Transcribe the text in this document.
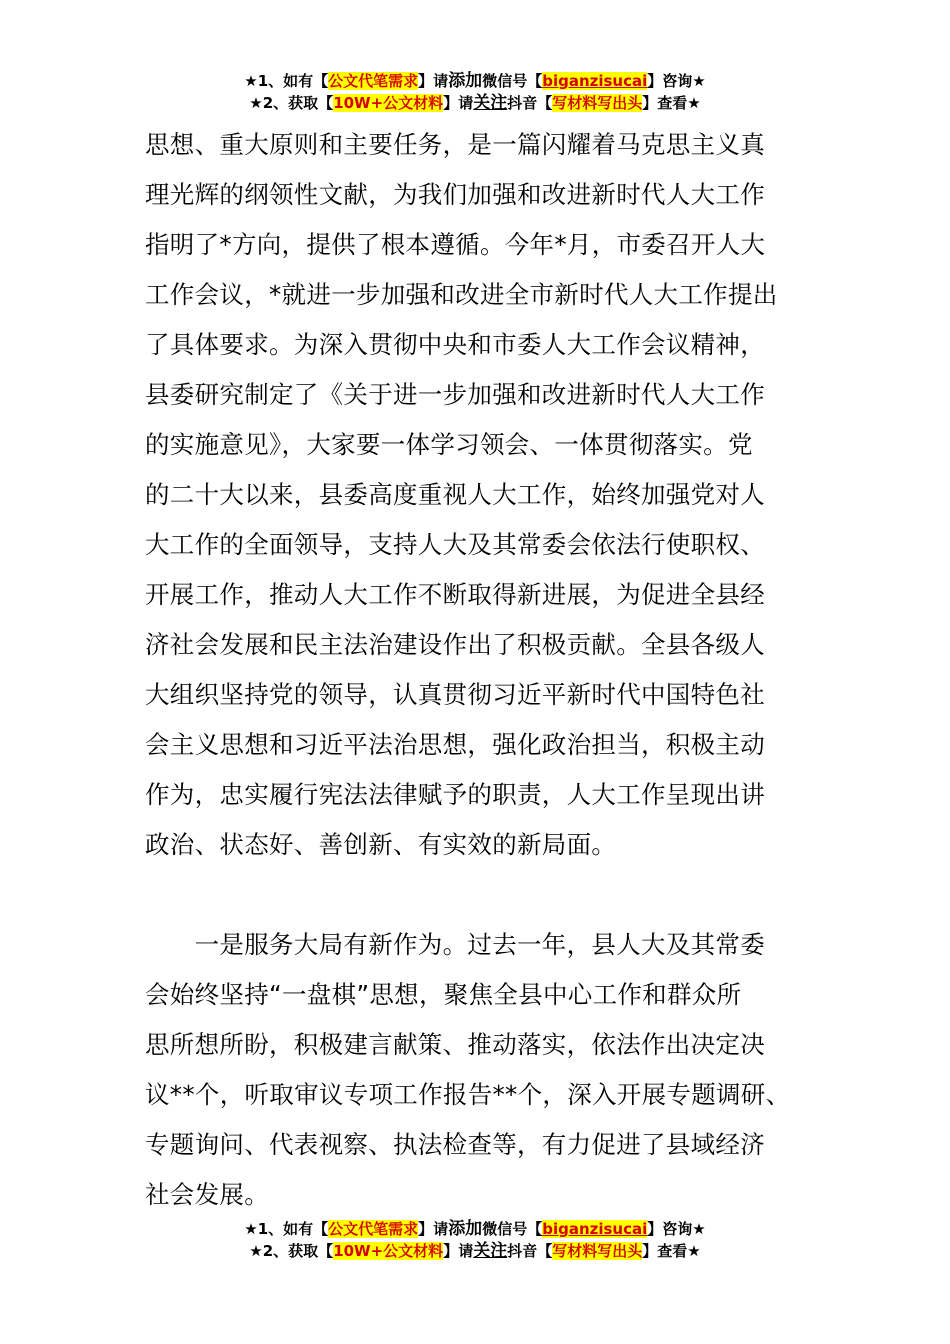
★1、如有【公文代笔需求】请添加微信号【biganzisucai】咨询★
★2、获取【10W+公文材料】请关注抖音【写材料写出头】查看★

思想、重大原则和主要任务，是一篇闪耀着马克思主义真
理光辉的纲领性文献，为我们加强和改进新时代人大工作
指明了*方向，提供了根本遵循。今年*月，市委召开人大
工作会议，*就进一步加强和改进全市新时代人大工作提出
了具体要求。为深入贯彻中央和市委人大工作会议精神，
县委研究制定了《关于进一步加强和改进新时代人大工作
的实施意见》，大家要一体学习领会、一体贯彻落实。党
的二十大以来，县委高度重视人大工作，始终加强党对人
大工作的全面领导，支持人大及其常委会依法行使职权、
开展工作，推动人大工作不断取得新进展，为促进全县经
济社会发展和民主法治建设作出了积极贡献。全县各级人
大组织坚持党的领导，认真贯彻习近平新时代中国特色社
会主义思想和习近平法治思想，强化政治担当，积极主动
作为，忠实履行宪法法律赋予的职责，人大工作呈现出讲
政治、状态好、善创新、有实效的新局面。

　　一是服务大局有新作为。过去一年，县人大及其常委
会始终坚持“一盘棋”思想，聚焦全县中心工作和群众所
思所想所盼，积极建言献策、推动落实，依法作出决定决
议**个，听取审议专项工作报告**个，深入开展专题调研、
专题询问、代表视察、执法检查等，有力促进了县域经济
社会发展。

★1、如有【公文代笔需求】请添加微信号【biganzisucai】咨询★
★2、获取【10W+公文材料】请关注抖音【写材料写出头】查看★
